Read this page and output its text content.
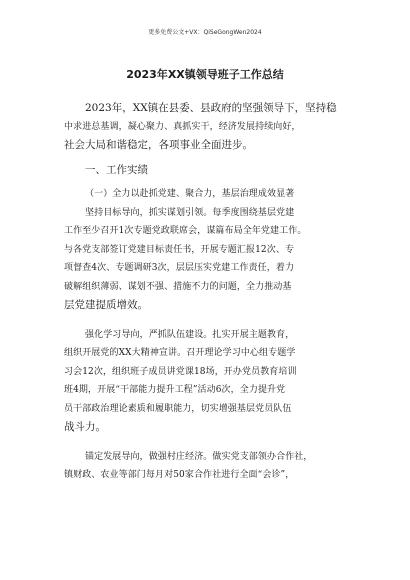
更多免费公文+VX：QiSeGongWen2024
2023年XX镇领导班子工作总结

2023年，XX镇在县委、县政府的坚强领导下，坚持稳
中求进总基调，凝心聚力、真抓实干，经济发展持续向好，
社会大局和谐稳定，各项事业全面进步。

一、工作实绩

（一）全力以赴抓党建、聚合力，基层治理成效显著

坚持目标导向，抓实谋划引领。每季度围绕基层党建
工作至少召开1次专题党政联席会，谋篇布局全年党建工作。
与各党支部签订党建目标责任书，开展专题汇报12次、专
项督查4次、专题调研3次，层层压实党建工作责任，着力
破解组织薄弱、谋划不强、措施不力的问题，全力推动基
层党建提质增效。

强化学习导向，严抓队伍建设。扎实开展主题教育，
组织开展党的XX大精神宣讲。召开理论学习中心组专题学
习会12次，组织班子成员讲党课18场，开办党员教育培训
班4期，开展“干部能力提升工程”活动6次，全力提升党
员干部政治理论素质和履职能力，切实增强基层党员队伍
战斗力。

锚定发展导向，做强村庄经济。做实党支部领办合作社，
镇财政、农业等部门每月对50家合作社进行全面“会诊”，
